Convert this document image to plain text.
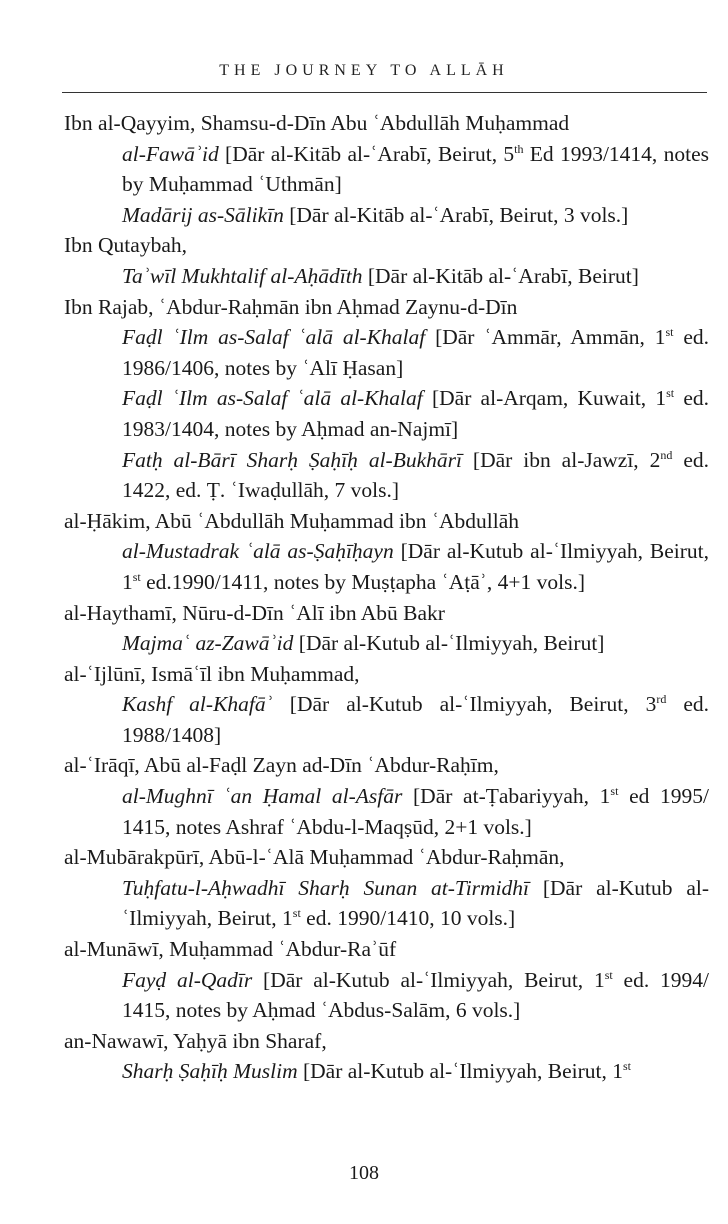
THE JOURNEY TO ALLĀH
Ibn al-Qayyim, Shamsu-d-Dīn Abu ʿAbdullāh Muḥammad
al-Fawāʾid [Dār al-Kitāb al-ʿArabī, Beirut, 5th Ed 1993/1414, notes by Muḥammad ʿUthmān]
Madārij as-Sālikīn [Dār al-Kitāb al-ʿArabī, Beirut, 3 vols.]
Ibn Qutaybah,
Taʾwīl Mukhtalif al-Aḥādīth [Dār al-Kitāb al-ʿArabī, Beirut]
Ibn Rajab, ʿAbdur-Raḥmān ibn Aḥmad Zaynu-d-Dīn
Faḍl ʿIlm as-Salaf ʿalā al-Khalaf [Dār ʿAmmār, Ammān, 1st ed. 1986/1406, notes by ʿAlī Ḥasan]
Faḍl ʿIlm as-Salaf ʿalā al-Khalaf [Dār al-Arqam, Kuwait, 1st ed. 1983/1404, notes by Aḥmad an-Najmī]
Fatḥ al-Bārī Sharḥ Ṣaḥīḥ al-Bukhārī [Dār ibn al-Jawzī, 2nd ed. 1422, ed. Ṭ. ʿIwaḍullāh, 7 vols.]
al-Ḥākim, Abū ʿAbdullāh Muḥammad ibn ʿAbdullāh
al-Mustadrak ʿalā as-Ṣaḥīḥayn [Dār al-Kutub al-ʿIlmiyyah, Beirut, 1st ed.1990/1411, notes by Muṣṭapha ʿAṭāʾ, 4+1 vols.]
al-Haythamī, Nūru-d-Dīn ʿAlī ibn Abū Bakr
Majmaʿ az-Zawāʾid [Dār al-Kutub al-ʿIlmiyyah, Beirut]
al-ʿIjlūnī, Ismāʿīl ibn Muḥammad,
Kashf al-Khafāʾ [Dār al-Kutub al-ʿIlmiyyah, Beirut, 3rd ed. 1988/1408]
al-ʿIrāqī, Abū al-Faḍl Zayn ad-Dīn ʿAbdur-Raḥīm,
al-Mughnī ʿan Ḥamal al-Asfār [Dār at-Ṭabariyyah, 1st ed 1995/ 1415, notes Ashraf ʿAbdu-l-Maqṣūd, 2+1 vols.]
al-Mubārakpūrī, Abū-l-ʿAlā Muḥammad ʿAbdur-Raḥmān,
Tuḥfatu-l-Aḥwadhī Sharḥ Sunan at-Tirmidhī [Dār al-Kutub al-ʿIlmiyyah, Beirut, 1st ed. 1990/1410, 10 vols.]
al-Munāwī, Muḥammad ʿAbdur-Raʾūf
Fayḍ al-Qadīr [Dār al-Kutub al-ʿIlmiyyah, Beirut, 1st ed. 1994/ 1415, notes by Aḥmad ʿAbdus-Salām, 6 vols.]
an-Nawawī, Yaḥyā ibn Sharaf,
Sharḥ Ṣaḥīḥ Muslim [Dār al-Kutub al-ʿIlmiyyah, Beirut, 1st
108
